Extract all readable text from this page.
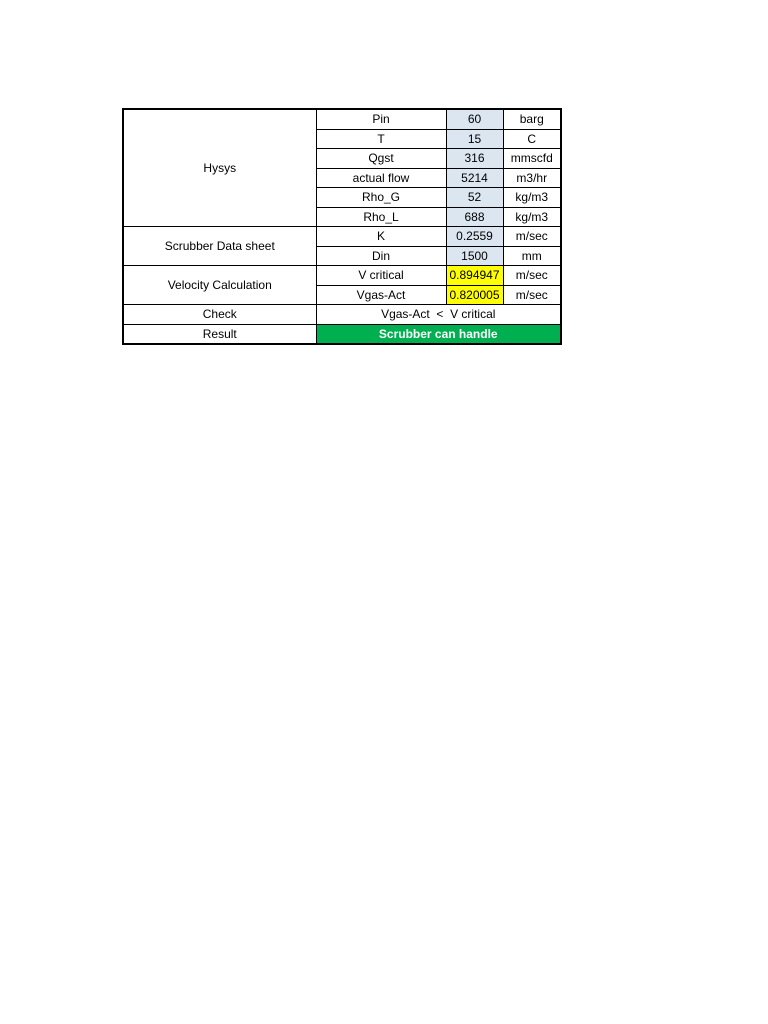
Hysys	Pin	60	barg
	T	15	C
	Qgst	316	mmscfd
	actual flow	5214	m3/hr
	Rho_G	52	kg/m3
	Rho_L	688	kg/m3
Scrubber Data sheet	K	0.2559	m/sec
	Din	1500	mm
Velocity Calculation	V critical	0.894947	m/sec
	Vgas-Act	0.820005	m/sec
Check	Vgas-Act  <  V critical		
Result	Scrubber can handle		
